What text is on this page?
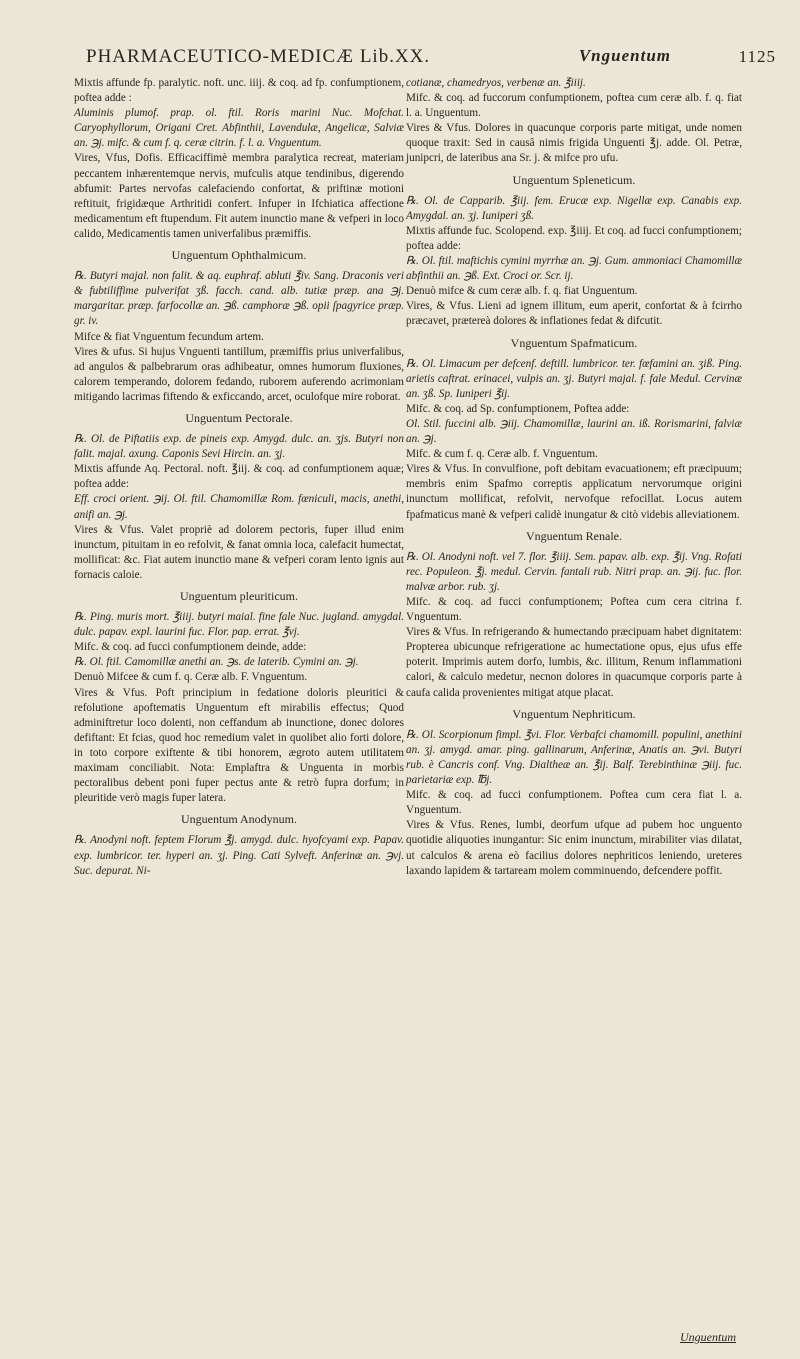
PHARMACEUTICO-MEDICÆ Lib.XX.	Vnguentum	1125

Mixtis affunde fp. paralytic. noft. unc. iiij. & coq. ad fp. confumptionem, poftea adde :

Aluminis plumof. prap. ol. ftil. Roris marini Nuc. Mofchat. Caryophyllorum, Origani Cret. Abfinthii, Lavendulæ, Angelicæ, Salviæ an. ℈j. mifc. & cum f. q. ceræ citrin. f. l. a. Vnguentum.

Vires, Vfus, Dofis. Efficaciffimè membra paralytica recreat, materiam peccantem inhærentemque nervis, mufculis atque tendinibus, digerendo abfumit: Partes nervofas calefaciendo confortat, & priftinæ motioni reftituit, frigidæque Arthritidi confert. Infuper in Ifchiatica affectione medicamentum eft ftupendum. Fit autem inunctio mane & vefperi in loco calido, Medicamentis tamen univerfalibus præmiffis.

Unguentum Ophthalmicum.

℞. Butyri majal. non falit. & aq. euphraf. abluti ℥iv. Sang. Draconis veri & fubtiliffime pulverifat ʒß. facch. cand. alb. tutiæ præp. ana ℈j. margaritar. præp. farfocollæ an. ℈ß. camphoræ ℈ß. opii ſpagyrice præp. gr. iv.

Mifce & fiat Vnguentum fecundum artem.

Vires & ufus. Si hujus Vnguenti tantillum, præmiffis prius univerfalibus, ad angulos & palbebrarum oras adhibeatur, omnes humorum fluxiones, calorem temperando, dolorem fedando, ruborem auferendo acrimoniam mitigando lacrimas fiftendo & exficcando, arcet, oculofque mire roborat.

Unguentum Pectorale.

℞. Ol. de Piftatiis exp. de pineis exp. Amygd. dulc. an. ʒjs. Butyri non falit. majal. axung. Caponis Sevi Hircin. an. ʒj.

Mixtis affunde Aq. Pectoral. noft. ℥iij. & coq. ad confumptionem aquæ; poftea adde:

Eff. croci orient. ℈ij. Ol. ftil. Chamomillæ Rom. fœniculi, macis, anethi, anifi an. ℈j.

Vires & Vfus. Valet propriè ad dolorem pectoris, fuper illud enim inunctum, pituitam in eo refolvit, & fanat omnia loca, calefacit humectat, mollificat: &c. Fiat autem inunctio mane & vefperi coram lento ignis aut fornacis caloie.

Unguentum pleuriticum.

℞. Ping. muris mort. ℥iiij. butyri maial. fine fale Nuc. jugland. amygdal. dulc. papav. expl. laurini fuc. Flor. pap. errat. ℥vj.

Mifc. & coq. ad fucci confumptionem deinde, adde:

℞. Ol. ftil. Camomillæ anethi an. ℈s. de laterib. Cymini an. ℈j.

Denuò Mifcee & cum f. q. Ceræ alb. F. Vnguentum.

Vires & Vfus. Poft principium in fedatione doloris pleuritici & refolutione apoftematis Unguentum eft mirabilis effectus; Quod adminiftretur loco dolenti, non ceffandum ab inunctione, donec dolores defiftant: Et fcias, quod hoc remedium valet in quolibet alio forti dolore, in toto corpore exiftente & tibi honorem, ægroto autem utilitatem maximam conciliabit. Nota: Emplaftra & Unguenta in morbis pectoralibus debent poni fuper pectus ante & retrò fupra dorfum; in pleuritide verò magis fuper latera.

Unguentum Anodynum.

℞. Anodyni noft. feptem Florum ℥j. amygd. dulc. hyofcyami exp. Papav. exp. lumbricor. ter. hyperi an. ʒj. Ping. Cati Sylveft. Anferinæ an. ℈vj. Suc. depurat. Ni-

cotianæ, chamedryos, verbenæ an. ℥iiij.

Mifc. & coq. ad fuccorum confumptionem, poftea cum ceræ alb. f. q. fiat l. a. Unguentum.

Vires & Vfus. Dolores in quacunque corporis parte mitigat, unde nomen quoque traxit: Sed in causâ nimis frigida Unguenti ℥j. adde. Ol. Petræ, junipcri, de lateribus ana Sr. j. & mifce pro ufu.

Unguentum Spleneticum.

℞. Ol. de Capparib. ℥iij. fem. Erucæ exp. Nigellæ exp. Canabis exp. Amygdal. an. ʒj. Iuniperi ʒß.

Mixtis affunde fuc. Scolopend. exp. ℥iiij. Et coq. ad fucci confumptionem; poftea adde:

℞. Ol. ftil. maftichis cymini myrrhæ an. ℈j. Gum. ammoniaci Chamomillæ abfinthii an. ℈ß. Ext. Croci or. Scr. ij.

Denuò mifce & cum ceræ alb. f. q. fiat Unguentum.

Vires, & Vfus. Lieni ad ignem illitum, eum aperit, confortat & à fcirrho præcavet, prætereà dolores & inflationes fedat & difcutit.

Vnguentum Spafmaticum.

℞. Ol. Limacum per defcenf. deftill. lumbricor. ter. fœfamini an. ʒiß. Ping. arietis caftrat. erinacei, vulpis an. ʒj. Butyri majal. f. fale Medul. Cervinæ an. ʒß. Sp. Iuniperi ℥ij.

Mifc. & coq. ad Sp. confumptionem, Poftea adde:

Ol. Stil. fuccini alb. ℈iij. Chamomillæ, laurini an. iß. Rorismarini, falviæ an. ℈j.

Mifc. & cum f. q. Ceræ alb. f. Vnguentum.

Vires & Vfus. In convulfione, poft debitam evacuationem; eft præcipuum; membris enim Spafmo correptis applicatum nervorumque origini inunctum mollificat, refolvit, nervofque refocillat. Locus autem fpafmaticus manè & vefperi calidè inungatur & citò videbis alleviationem.

Vnguentum Renale.

℞. Ol. Anodyni noft. vel 7. flor. ℥iiij. Sem. papav. alb. exp. ℥ij. Vng. Rofati rec. Populeon. ℥j. medul. Cervin. fantali rub. Nitri prap. an. ℈ij. fuc. flor. malvæ arbor. rub. ʒj.

Mifc. & coq. ad fucci confumptionem; Poftea cum cera citrina f. Vnguentum.

Vires & Vfus. In refrigerando & humectando præcipuam habet dignitatem: Propterea ubicunque refrigeratione ac humectatione opus, ejus ufus effe poterit. Imprimis autem dorfo, lumbis, &c. illitum, Renum inflammationi calori, & calculo medetur, necnon dolores in quacumque corporis parte à caufa calida provenientes mitigat atque placat.

Vnguentum Nephriticum.

℞. Ol. Scorpionum fimpl. ℥vi. Flor. Verbafci chamomill. populini, anethini an. ʒj. amygd. amar. ping. gallinarum, Anferinæ, Anatis an. ℈vi. Butyri rub. è Cancris conf. Vng. Dialtheæ an. ℥ij. Balf. Terebinthinæ ℈iij. fuc. parietariæ exp. ℔j.

Mifc. & coq. ad fucci confumptionem. Poftea cum cera fiat l. a. Vnguentum.

Vires & Vfus. Renes, lumbi, deorfum ufque ad pubem hoc unguento quotidie aliquoties inungantur: Sic enim inunctum, mirabiliter vias dilatat, ut calculos & arena eò facilius dolores nephriticos leniendo, ureteres laxando lapidem & tartaream molem comminuendo, defcendere poffit.

Unguentum
